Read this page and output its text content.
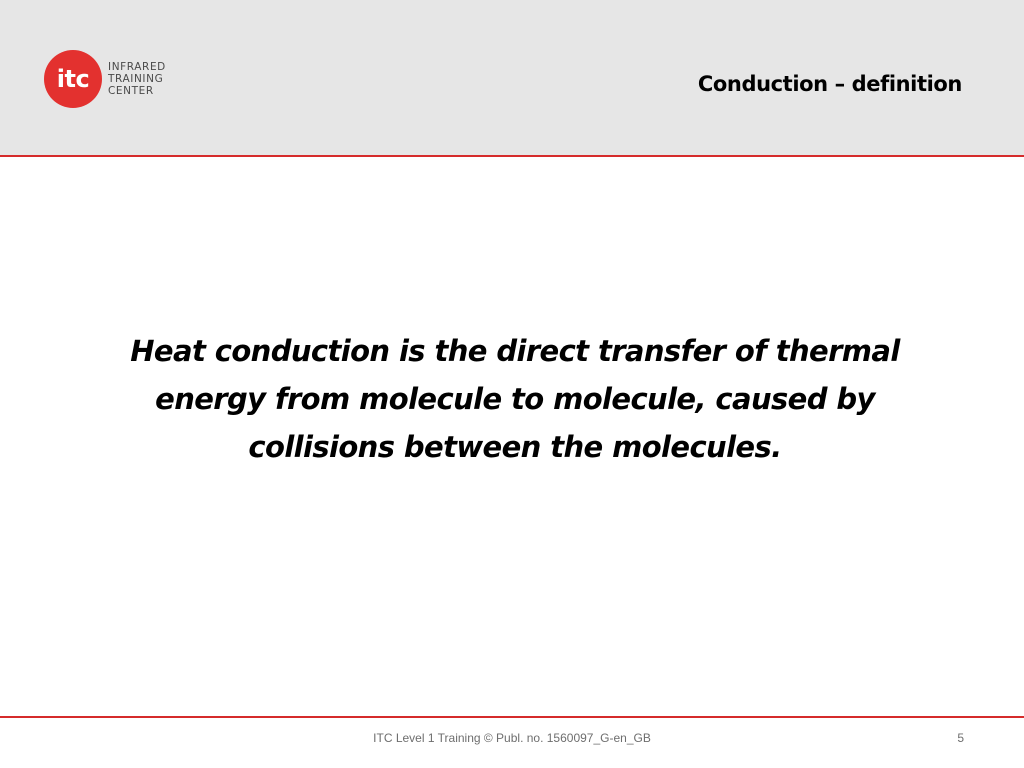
itc	INFRARED
TRAINING
CENTER	Conduction – definition
Heat conduction is the direct transfer of thermal
energy from molecule to molecule, caused by
collisions between the molecules.
ITC Level 1 Training © Publ. no. 1560097_G-en_GB	5
